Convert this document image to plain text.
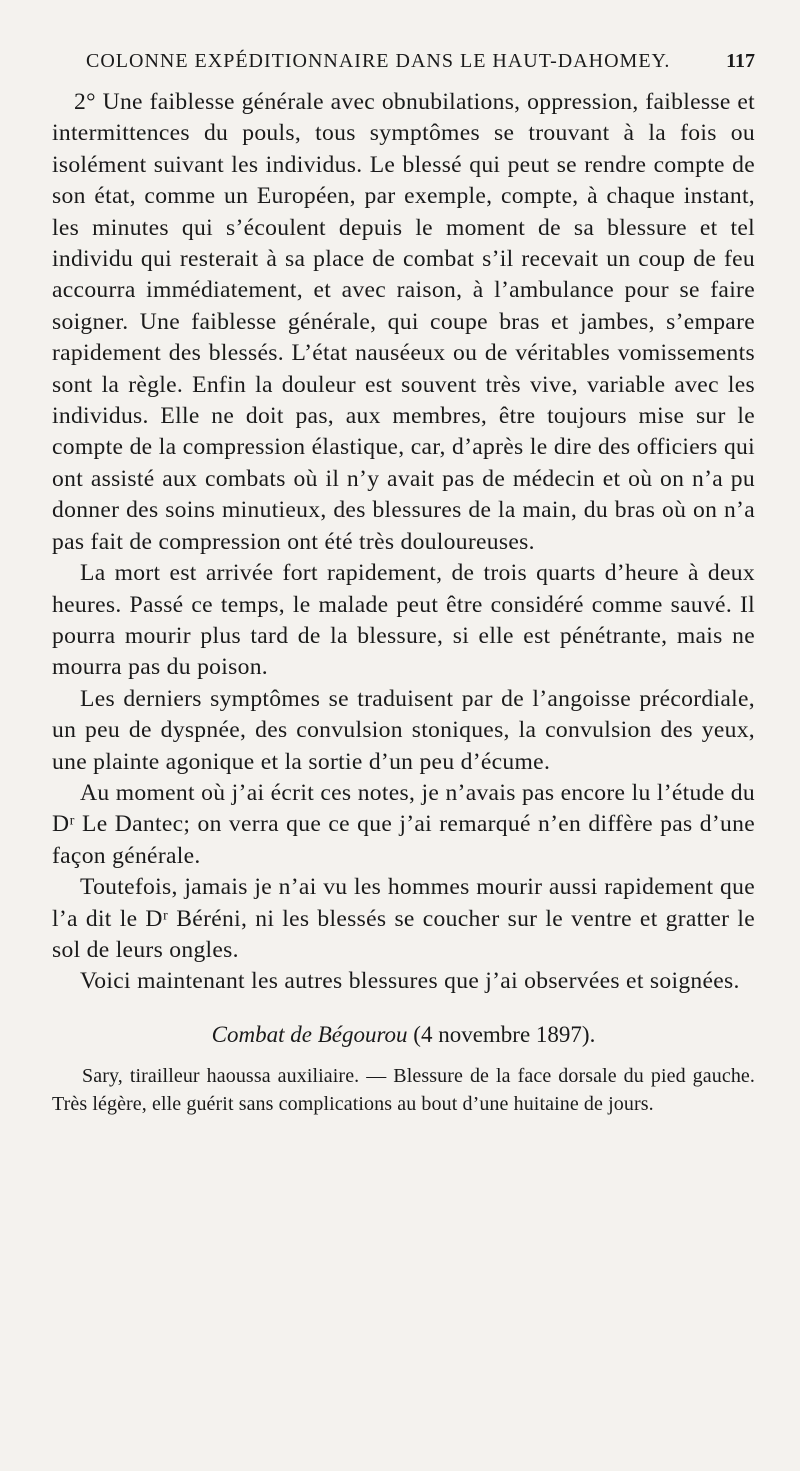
COLONNE EXPÉDITIONNAIRE DANS LE HAUT-DAHOMEY.	117

2° Une faiblesse générale avec obnubilations, oppression, faiblesse et intermittences du pouls, tous symptômes se trouvant à la fois ou isolément suivant les individus. Le blessé qui peut se rendre compte de son état, comme un Européen, par exemple, compte, à chaque instant, les minutes qui s’écoulent depuis le moment de sa blessure et tel individu qui resterait à sa place de combat s’il recevait un coup de feu accourra immédiatement, et avec raison, à l’ambulance pour se faire soigner. Une faiblesse générale, qui coupe bras et jambes, s’empare rapidement des blessés. L’état nauséeux ou de véritables vomissements sont la règle. Enfin la douleur est souvent très vive, variable avec les individus. Elle ne doit pas, aux membres, être toujours mise sur le compte de la compression élastique, car, d’après le dire des officiers qui ont assisté aux combats où il n’y avait pas de médecin et où on n’a pu donner des soins minutieux, des blessures de la main, du bras où on n’a pas fait de compression ont été très douloureuses.

La mort est arrivée fort rapidement, de trois quarts d’heure à deux heures. Passé ce temps, le malade peut être considéré comme sauvé. Il pourra mourir plus tard de la blessure, si elle est pénétrante, mais ne mourra pas du poison.

Les derniers symptômes se traduisent par de l’angoisse précordiale, un peu de dyspnée, des convulsion stoniques, la convulsion des yeux, une plainte agonique et la sortie d’un peu d’écume.

Au moment où j’ai écrit ces notes, je n’avais pas encore lu l’étude du Dʳ Le Dantec; on verra que ce que j’ai remarqué n’en diffère pas d’une façon générale.

Toutefois, jamais je n’ai vu les hommes mourir aussi rapidement que l’a dit le Dʳ Béréni, ni les blessés se coucher sur le ventre et gratter le sol de leurs ongles.

Voici maintenant les autres blessures que j’ai observées et soignées.

Combat de Bégourou (4 novembre 1897).

Sary, tirailleur haoussa auxiliaire. — Blessure de la face dorsale du pied gauche. Très légère, elle guérit sans complications au bout d’une huitaine de jours.
